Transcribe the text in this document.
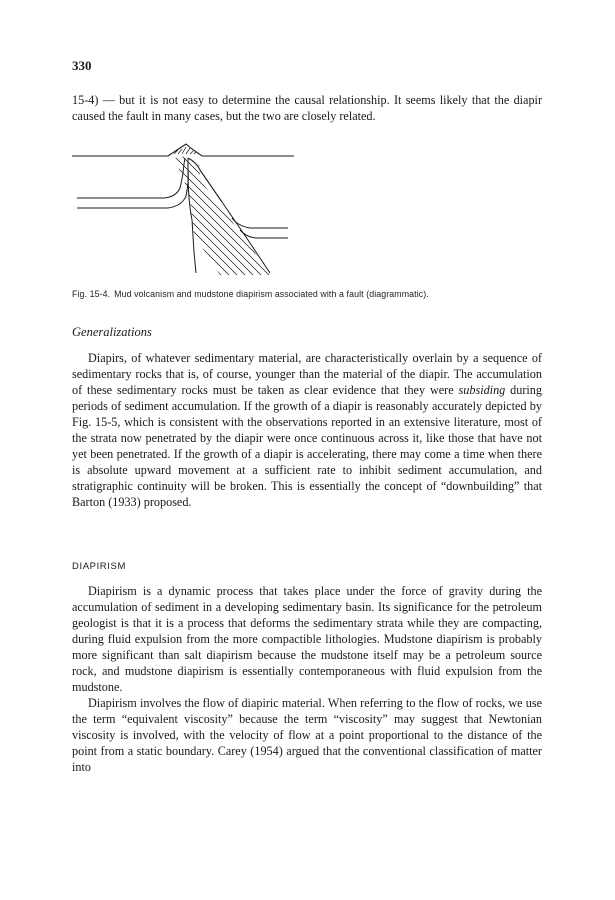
330

15-4) — but it is not easy to determine the causal relationship. It seems likely that the diapir caused the fault in many cases, but the two are closely related.

Fig. 15-4. Mud volcanism and mudstone diapirism associated with a fault (diagrammatic).
Generalizations

Diapirs, of whatever sedimentary material, are characteristically overlain by a sequence of sedimentary rocks that is, of course, younger than the material of the diapir. The accumulation of these sedimentary rocks must be taken as clear evidence that they were subsiding during periods of sediment accumulation. If the growth of a diapir is reasonably accurately depicted by Fig. 15-5, which is consistent with the observations reported in an extensive literature, most of the strata now penetrated by the diapir were once continuous across it, like those that have not yet been penetrated. If the growth of a diapir is accelerating, there may come a time when there is absolute upward movement at a sufficient rate to inhibit sediment accumulation, and stratigraphic continuity will be broken. This is essentially the concept of “downbuilding” that Barton (1933) proposed.

DIAPIRISM

Diapirism is a dynamic process that takes place under the force of gravity during the accumulation of sediment in a developing sedimentary basin. Its significance for the petroleum geologist is that it is a process that deforms the sedimentary strata while they are compacting, during fluid expulsion from the more compactible lithologies. Mudstone diapirism is probably more significant than salt diapirism because the mudstone itself may be a petroleum source rock, and mudstone diapirism is essentially contemporaneous with fluid expulsion from the mudstone.

Diapirism involves the flow of diapiric material. When referring to the flow of rocks, we use the term “equivalent viscosity” because the term “viscosity” may suggest that Newtonian viscosity is involved, with the velocity of flow at a point proportional to the distance of the point from a static boundary. Carey (1954) argued that the conventional classification of matter into
